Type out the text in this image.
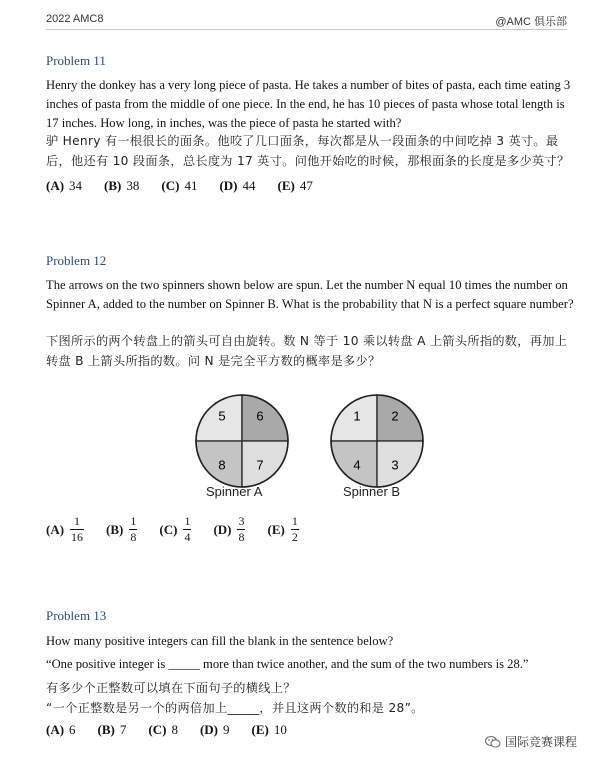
2022 AMC8	@AMC 俱乐部
Problem 11
Henry the donkey has a very long piece of pasta. He takes a number of bites of pasta, each time eating 3 inches of pasta from the middle of one piece. In the end, he has 10 pieces of pasta whose total length is 17 inches. How long, in inches, was the piece of pasta he started with?
驴 Henry 有一根很长的面条。他咬了几口面条，每次都是从一段面条的中间吃掉 3 英寸。最后，他还有 10 段面条，总长度为 17 英寸。问他开始吃的时候，那根面条的长度是多少英寸？
(A) 34 (B) 38 (C) 41 (D) 44 (E) 47
Problem 12
The arrows on the two spinners shown below are spun. Let the number N equal 10 times the number on Spinner A, added to the number on Spinner B. What is the probability that N is a perfect square number?
下图所示的两个转盘上的箭头可自由旋转。数 N 等于 10 乘以转盘 A 上箭头所指的数，再加上转盘 B 上箭头所指的数。问 N 是完全平方数的概率是多少？
5 6
8 7
Spinner A
1 2
4 3
Spinner B
$(A) \frac{1}{16} (B) \frac{1}{8} (C) \frac{1}{4} (D) \frac{3}{8} (E) \frac{1}{2}$
Problem 13
How many positive integers can fill the blank in the sentence below?
“One positive integer is _____ more than twice another, and the sum of the two numbers is 28.”
有多少个正整数可以填在下面句子的横线上？
“一个正整数是另一个的两倍加上_____，并且这两个数的和是 28”。
(A) 6 (B) 7 (C) 8 (D) 9 (E) 10
国际竞赛课程
